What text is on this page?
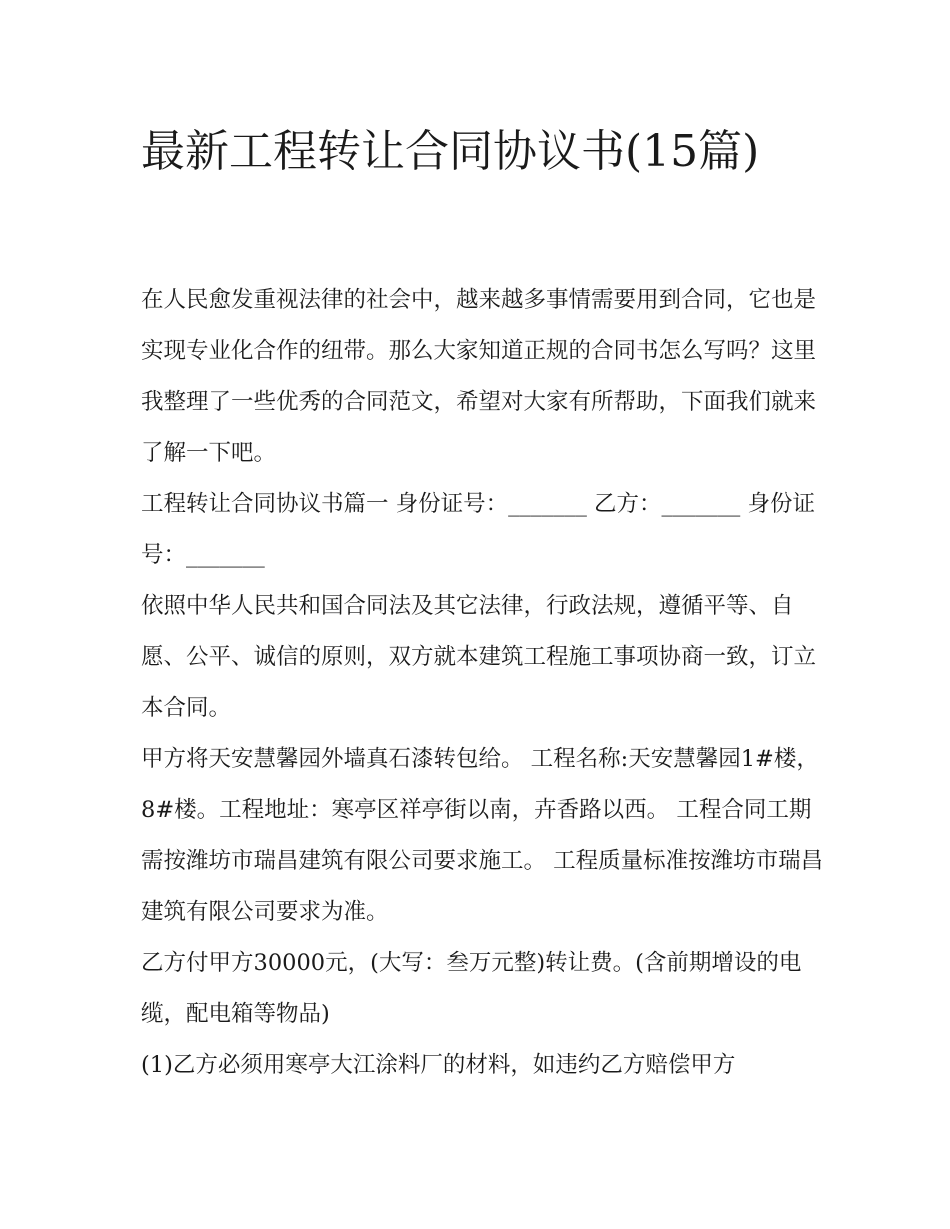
最新工程转让合同协议书(15篇)

在人民愈发重视法律的社会中，越来越多事情需要用到合同，它也是实现专业化合作的纽带。那么大家知道正规的合同书怎么写吗？这里我整理了一些优秀的合同范文，希望对大家有所帮助，下面我们就来了解一下吧。

工程转让合同协议书篇一 身份证号：_______ 乙方：_______ 身份证号：_______

依照中华人民共和国合同法及其它法律，行政法规，遵循平等、自愿、公平、诚信的原则，双方就本建筑工程施工事项协商一致，订立本合同。

甲方将天安慧馨园外墙真石漆转包给。 工程名称:天安慧馨园1#楼，8#楼。工程地址：寒亭区祥亭街以南，卉香路以西。 工程合同工期需按潍坊市瑞昌建筑有限公司要求施工。 工程质量标准按潍坊市瑞昌建筑有限公司要求为准。

乙方付甲方30000元，(大写：叁万元整)转让费。(含前期增设的电缆，配电箱等物品)

(1)乙方必须用寒亭大江涂料厂的材料，如违约乙方赔偿甲方
